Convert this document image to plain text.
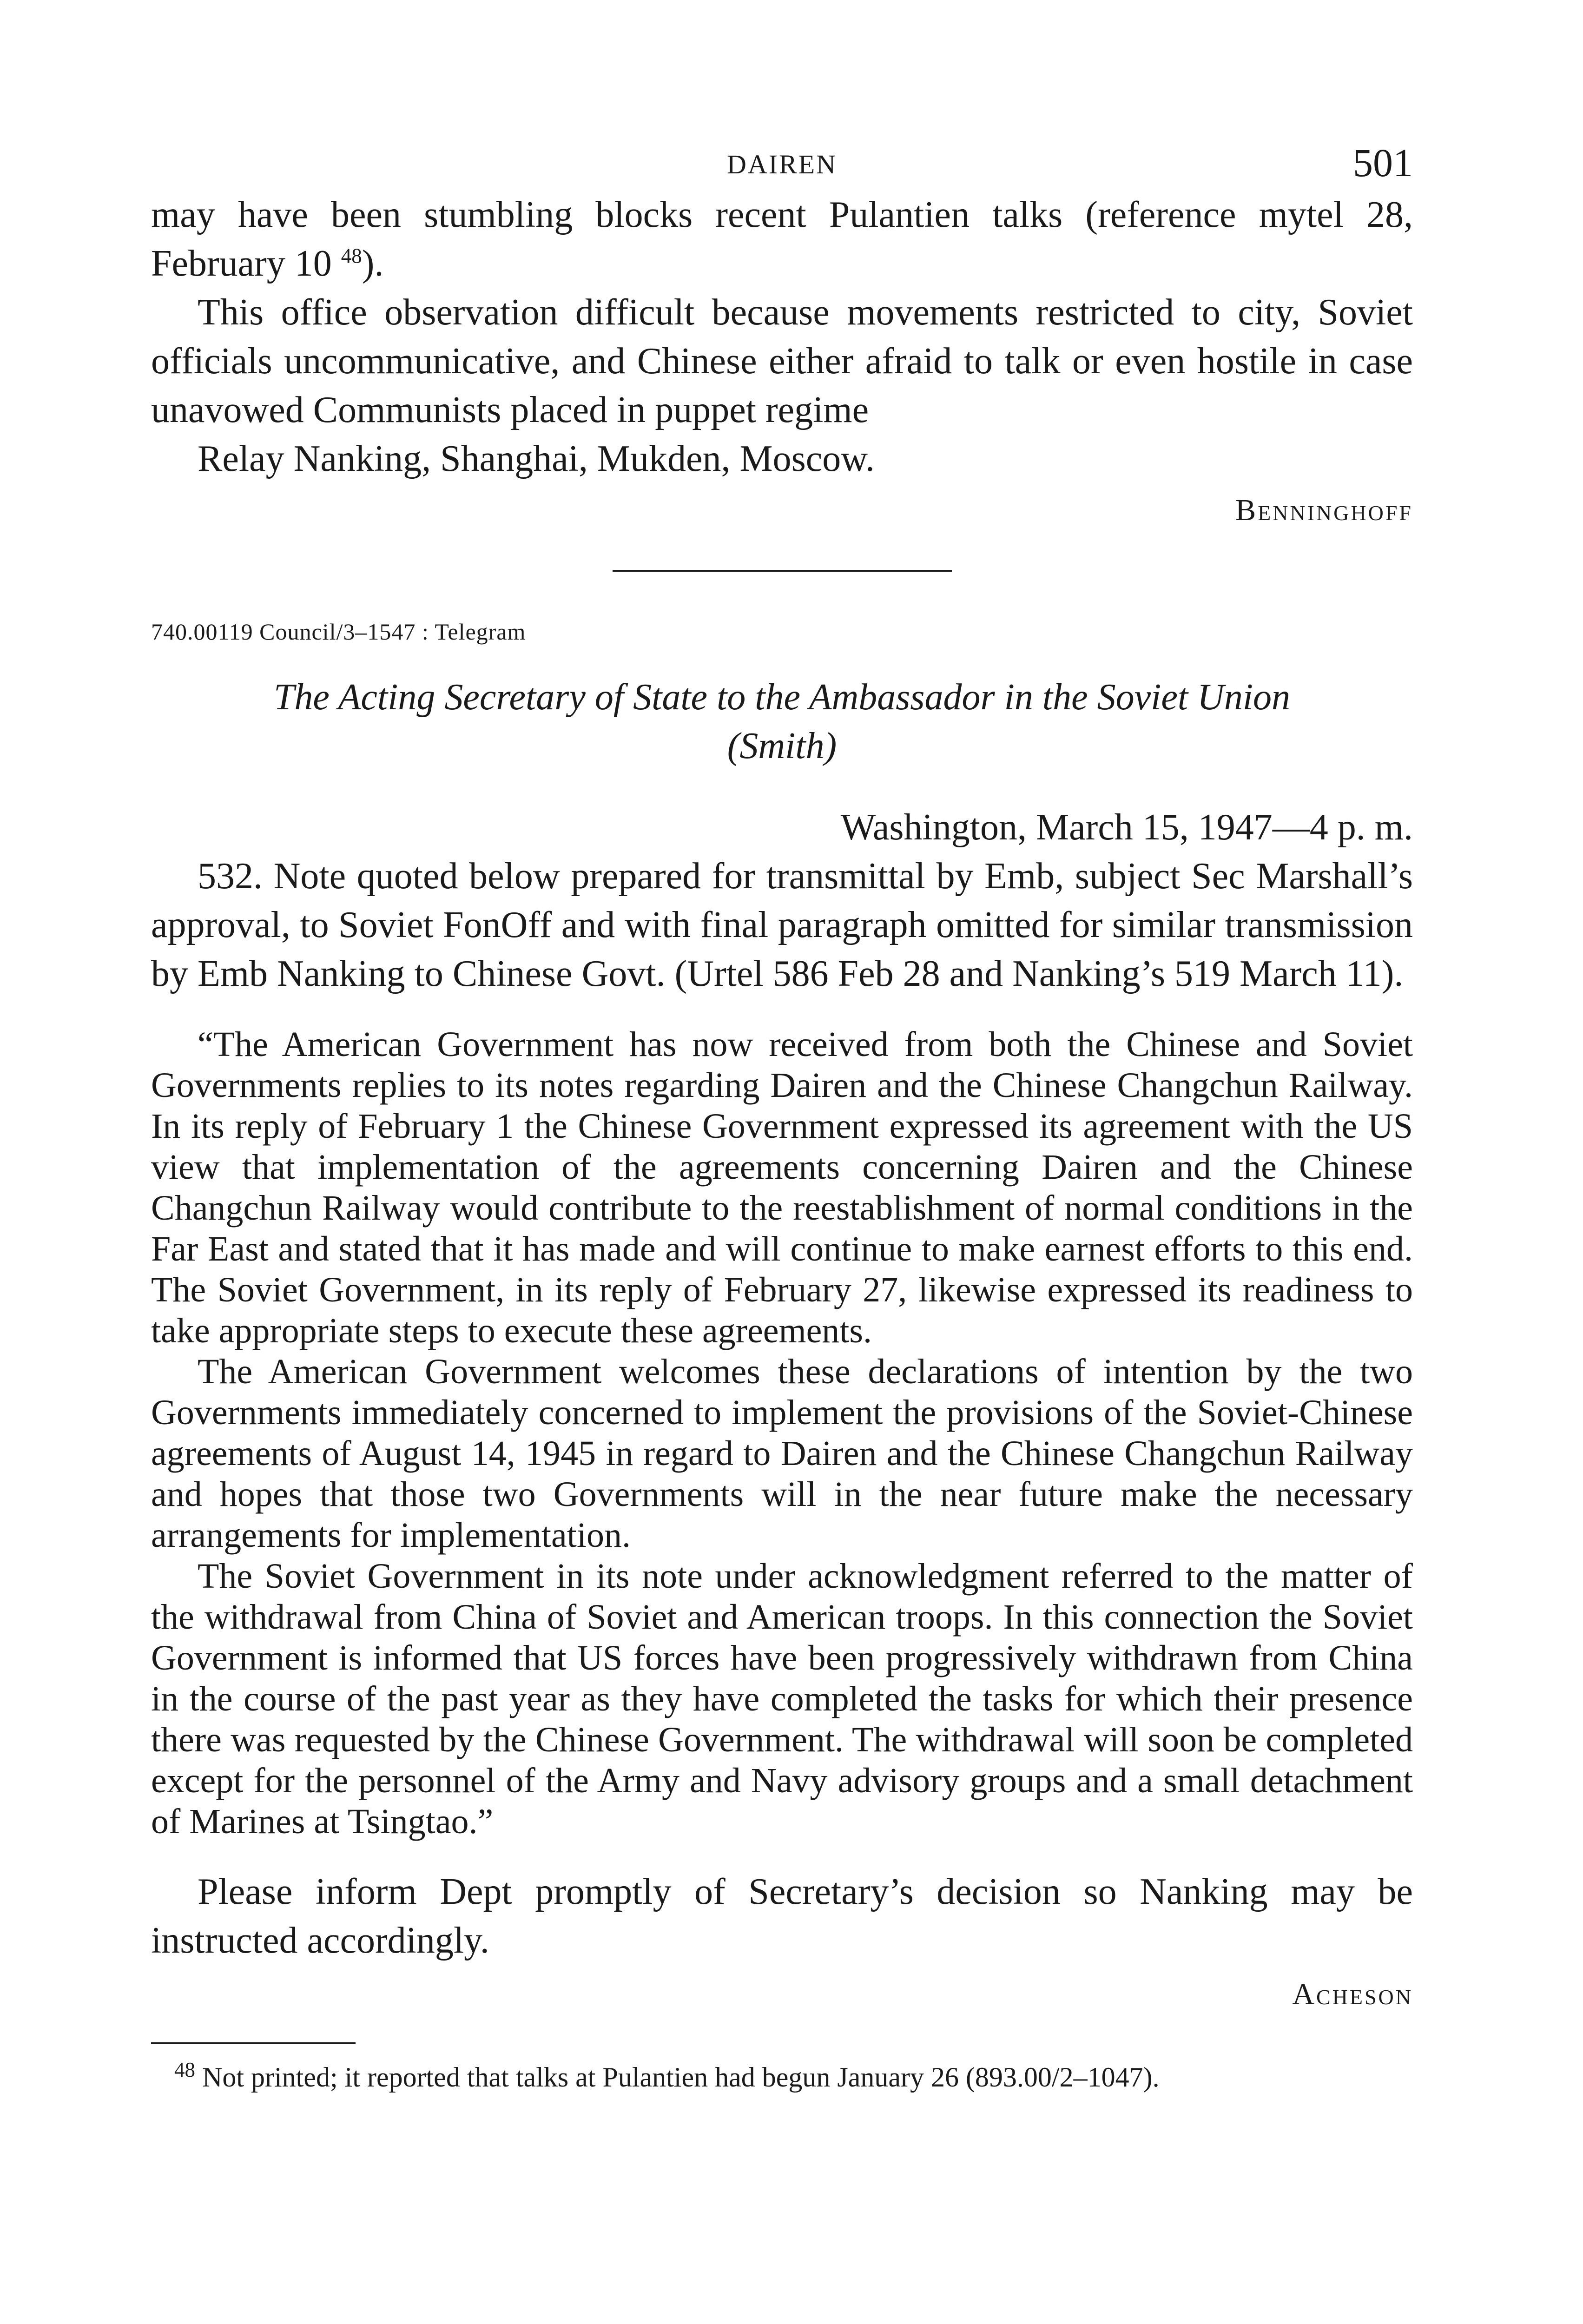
DAIREN	501

may have been stumbling blocks recent Pulantien talks (reference mytel 28, February 10 $^{48}$).

This office observation difficult because movements restricted to city, Soviet officials uncommunicative, and Chinese either afraid to talk or even hostile in case unavowed Communists placed in puppet regime

Relay Nanking, Shanghai, Mukden, Moscow.

Benninghoff

740.00119 Council/3–1547 : Telegram

The Acting Secretary of State to the Ambassador in the Soviet Union
(Smith)

Washington, March 15, 1947—4 p. m.

532. Note quoted below prepared for transmittal by Emb, subject Sec Marshall’s approval, to Soviet FonOff and with final paragraph omitted for similar transmission by Emb Nanking to Chinese Govt. (Urtel 586 Feb 28 and Nanking’s 519 March 11).

“The American Government has now received from both the Chinese and Soviet Governments replies to its notes regarding Dairen and the Chinese Changchun Railway. In its reply of February 1 the Chinese Government expressed its agreement with the US view that implementation of the agreements concerning Dairen and the Chinese Changchun Railway would contribute to the reestablishment of normal conditions in the Far East and stated that it has made and will continue to make earnest efforts to this end. The Soviet Government, in its reply of February 27, likewise expressed its readiness to take appropriate steps to execute these agreements.

The American Government welcomes these declarations of intention by the two Governments immediately concerned to implement the provisions of the Soviet-Chinese agreements of August 14, 1945 in regard to Dairen and the Chinese Changchun Railway and hopes that those two Governments will in the near future make the necessary arrangements for implementation.

The Soviet Government in its note under acknowledgment referred to the matter of the withdrawal from China of Soviet and American troops. In this connection the Soviet Government is informed that US forces have been progressively withdrawn from China in the course of the past year as they have completed the tasks for which their presence there was requested by the Chinese Government. The withdrawal will soon be completed except for the personnel of the Army and Navy advisory groups and a small detachment of Marines at Tsingtao.”

Please inform Dept promptly of Secretary’s decision so Nanking may be instructed accordingly.

Acheson

$^{48}$ Not printed; it reported that talks at Pulantien had begun January 26 (893.00/2–1047).
